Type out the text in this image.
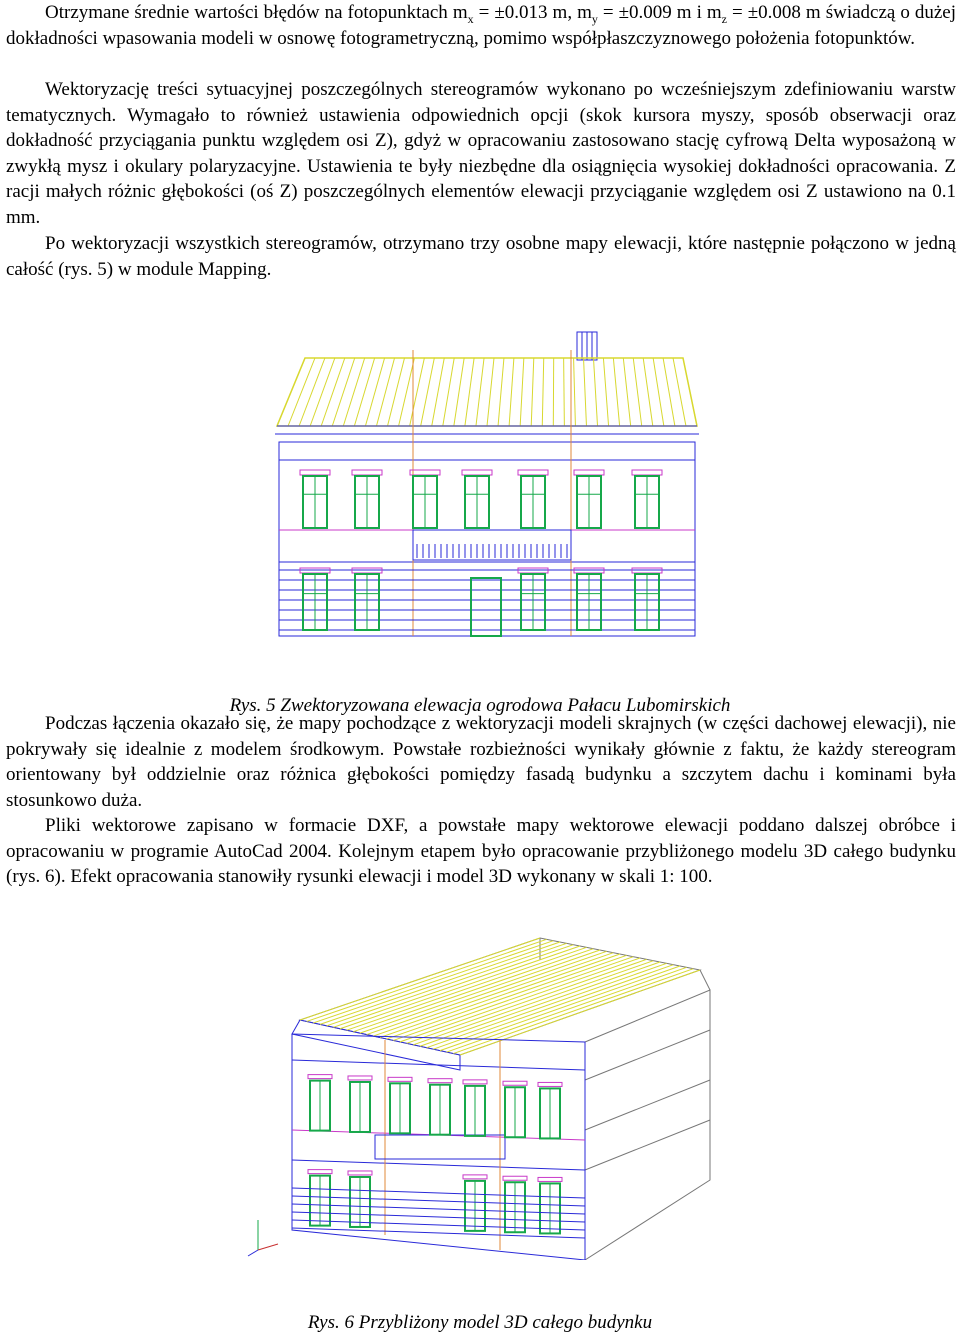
Otrzymane średnie wartości błędów na fotopunktach $m_x = \pm 0.013$ m, $m_y = \pm 0.009$ m i $m_z = \pm 0.008$ m świadczą o dużej dokładności wpasowania modeli w osnowę fotogrametryczną, pomimo współpłaszczyznowego położenia fotopunktów.

Wektoryzację treści sytuacyjnej poszczególnych stereogramów wykonano po wcześniejszym zdefiniowaniu warstw tematycznych. Wymagało to również ustawienia odpowiednich opcji (skok kursora myszy, sposób obserwacji oraz dokładność przyciągania punktu względem osi Z), gdyż w opracowaniu zastosowano stację cyfrową Delta wyposażoną w zwykłą mysz i okulary polaryzacyjne. Ustawienia te były niezbędne dla osiągnięcia wysokiej dokładności opracowania. Z racji małych różnic głębokości (oś Z) poszczególnych elementów elewacji przyciąganie względem osi Z ustawiono na 0.1 mm.

Po wektoryzacji wszystkich stereogramów, otrzymano trzy osobne mapy elewacji, które następnie połączono w jedną całość (rys. 5) w module Mapping.

Rys. 5 Zwektoryzowana elewacja ogrodowa Pałacu Lubomirskich

Podczas łączenia okazało się, że mapy pochodzące z wektoryzacji modeli skrajnych (w części dachowej elewacji), nie pokrywały się idealnie z modelem środkowym. Powstałe rozbieżności wynikały głównie z faktu, że każdy stereogram orientowany był oddzielnie oraz różnica głębokości pomiędzy fasadą budynku a szczytem dachu i kominami była stosunkowo duża.

Pliki wektorowe zapisano w formacie DXF, a powstałe mapy wektorowe elewacji poddano dalszej obróbce i opracowaniu w programie AutoCad 2004. Kolejnym etapem było opracowanie przybliżonego modelu 3D całego budynku (rys. 6). Efekt opracowania stanowiły rysunki elewacji i model 3D wykonany w skali 1: 100.

Rys. 6 Przybliżony model 3D całego budynku
